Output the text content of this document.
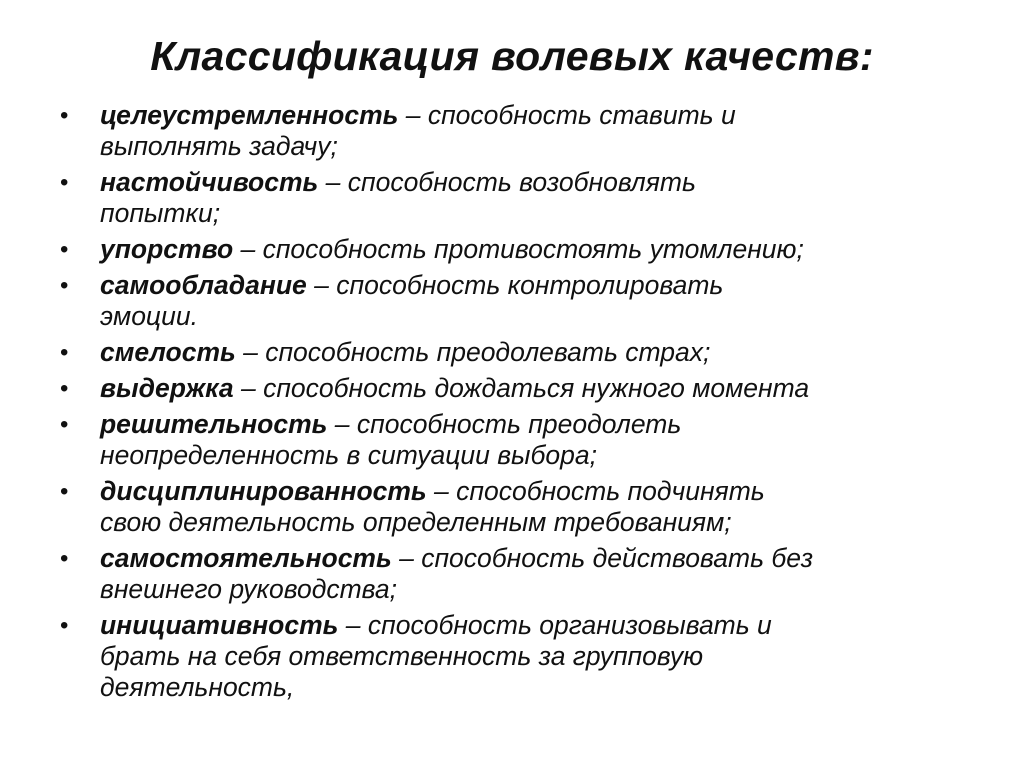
Классификация волевых качеств:
• целеустремленность – способность ставить и
выполнять задачу;
• настойчивость – способность возобновлять
попытки;
• упорство – способность противостоять утомлению;
• самообладание – способность контролировать
эмоции.
• смелость – способность преодолевать страх;
• выдержка – способность дождаться нужного момента
• решительность – способность преодолеть
неопределенность в ситуации выбора;
• дисциплинированность – способность подчинять
свою деятельность определенным требованиям;
• самостоятельность – способность действовать без
внешнего руководства;
• инициативность – способность организовывать и
брать на себя ответственность за групповую
деятельность,
